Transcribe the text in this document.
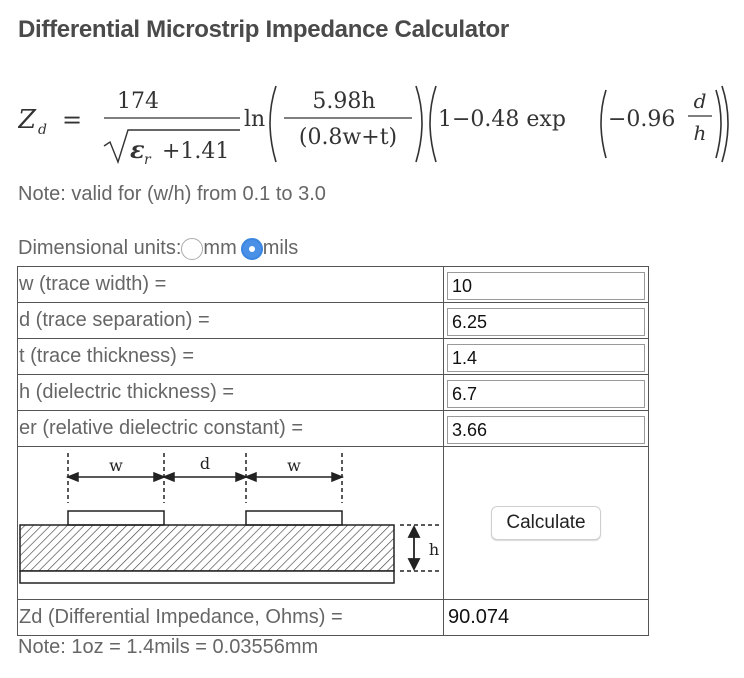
Differential Microstrip Impedance Calculator
Z d =
174
ε r +1.41
ln
5.98h
(0.8w+t)
1−0.48 exp −0.96
d
h
Note: valid for (w/h) from 0.1 to 3.0
Dimensional units: mm mils
w (trace width) =	10

d (trace separation) =	6.25

t (trace thickness) =	1.4

h (dielectric thickness) =	6.7

er (relative dielectric constant) =	3.66

w d w
h	Calculate
Zd (Differential Impedance, Ohms) =	90.074
Note: 1oz = 1.4mils = 0.03556mm
